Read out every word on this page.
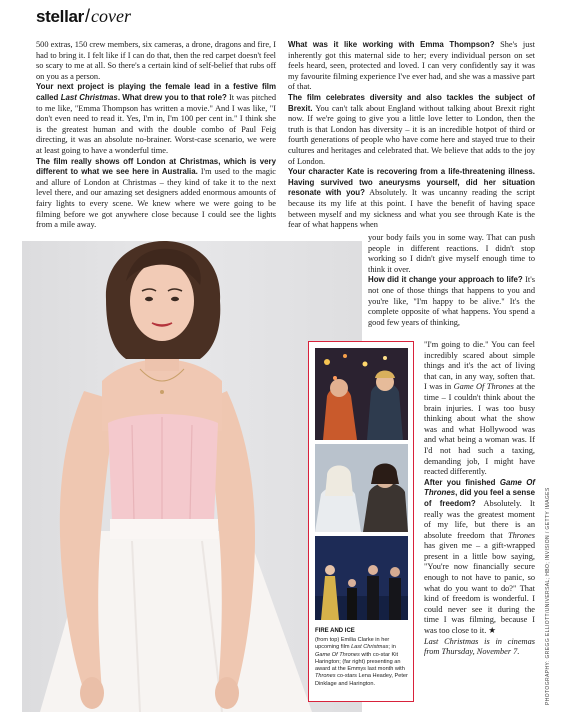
stellar / cover

500 extras, 150 crew members, six cameras, a drone, dragons and fire, I had to bring it. I felt like if I can do that, then the red carpet doesn't feel so scary to me at all. So there's a certain kind of self-belief that rubs off on you as a person.

Your next project is playing the female lead in a festive film called Last Christmas. What drew you to that role? It was pitched to me like, "Emma Thompson has written a movie." And I was like, "I don't even need to read it. Yes, I'm in, I'm 100 per cent in." I think she is the greatest human and with the double combo of Paul Feig directing, it was an absolute no-brainer. Worst-case scenario, we were at least going to have a wonderful time.

The film really shows off London at Christmas, which is very different to what we see here in Australia. I'm used to the magic and allure of London at Christmas – they kind of take it to the next level there, and our amazing set designers added enormous amounts of fairy lights to every scene. We knew where we were going to be filming before we got anywhere close because I could see the lights from a mile away.

What was it like working with Emma Thompson? She's just inherently got this maternal side to her; every individual person on set feels heard, seen, protected and loved. I can very confidently say it was my favourite filming experience I've ever had, and she was a massive part of that.

The film celebrates diversity and also tackles the subject of Brexit. You can't talk about England without talking about Brexit right now. If we're going to give you a little love letter to London, then the truth is that London has diversity – it is an incredible hotpot of third or fourth generations of people who have come here and stayed true to their cultures and heritages and celebrated that. We believe that adds to the joy of London.

Your character Kate is recovering from a life-threatening illness. Having survived two aneurysms yourself, did her situation resonate with you? Absolutely. It was uncanny reading the script because its my life at this point. I have the benefit of having space between myself and my sickness and what you see through Kate is the fear of what happens when

your body fails you in some way. That can push people in different reactions. I didn't stop working so I didn't give myself enough time to think it over.

How did it change your approach to life? It's not one of those things that happens to you and you're like, "I'm happy to be alive." It's the complete opposite of what happens. You spend a good few years of thinking,

"I'm going to die." You can feel incredibly scared about simple things and it's the act of living that can, in any way, soften that. I was in Game Of Thrones at the time – I couldn't think about the brain injuries. I was too busy thinking about what the show was and what Hollywood was and what being a woman was. If I'd not had such a taxing, demanding job, I might have reacted differently.

After you finished Game Of Thrones, did you feel a sense of freedom? Absolutely. It really was the greatest moment of my life, but there is an absolute freedom that Thrones has given me – a gift-wrapped present in a little bow saying, "You're now financially secure enough to not have to panic, so what do you want to do?" That kind of freedom is wonderful. I could never see it during the time I was filming, because I was too close to it. ★

Last Christmas is in cinemas from Thursday, November 7.

FIRE AND ICE
(from top) Emilia Clarke in her upcoming film Last Christmas; in Game Of Thrones with co-star Kit Harington; (far right) presenting an award at the Emmys last month with Thrones co-stars Lena Headey, Peter Dinklage and Harington.	PHOTOGRAPHY: GREGG ELLIOTT/UNIVERSAL; HBO; INVISION / GETTY IMAGES
